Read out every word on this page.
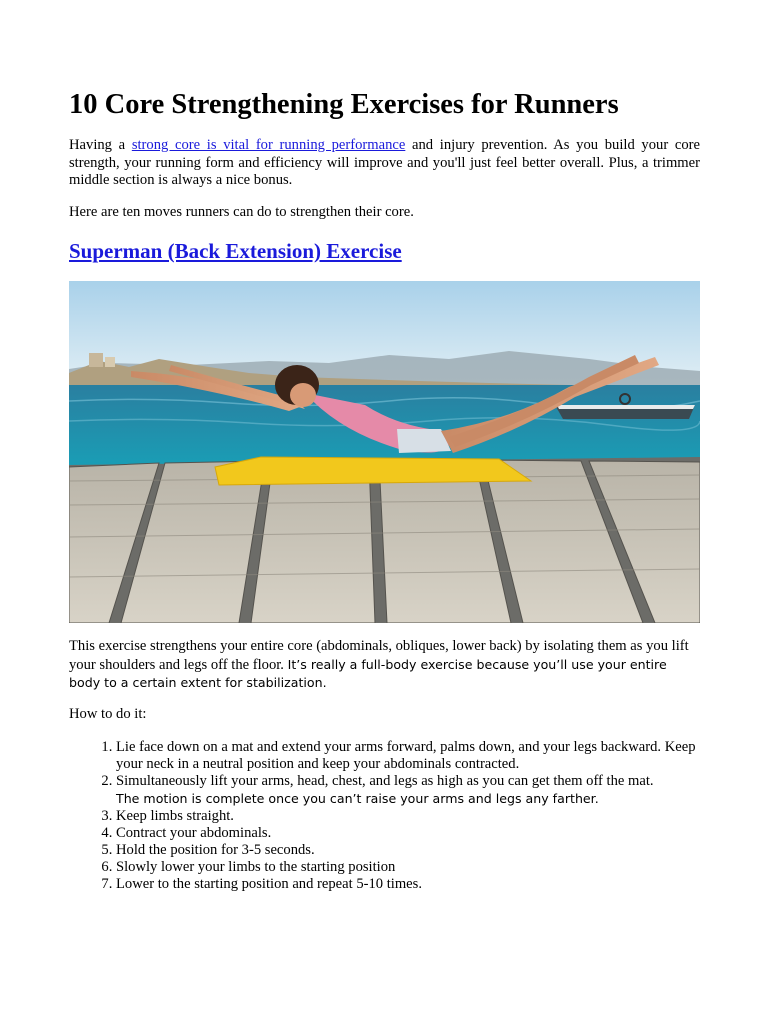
10 Core Strengthening Exercises for Runners

Having a strong core is vital for running performance and injury prevention. As you build your core strength, your running form and efficiency will improve and you'll just feel better overall. Plus, a trimmer middle section is always a nice bonus.

Here are ten moves runners can do to strengthen their core.

Superman (Back Extension) Exercise

This exercise strengthens your entire core (abdominals, obliques, lower back) by isolating them as you lift your shoulders and legs off the floor. It’s really a full-body exercise because you’ll use your entire body to a certain extent for stabilization.

How to do it:

1. Lie face down on a mat and extend your arms forward, palms down, and your legs backward. Keep your neck in a neutral position and keep your abdominals contracted.
2. Simultaneously lift your arms, head, chest, and legs as high as you can get them off the mat.
The motion is complete once you can’t raise your arms and legs any farther.
3. Keep limbs straight.
4. Contract your abdominals.
5. Hold the position for 3-5 seconds.
6. Slowly lower your limbs to the starting position
7. Lower to the starting position and repeat 5-10 times.
